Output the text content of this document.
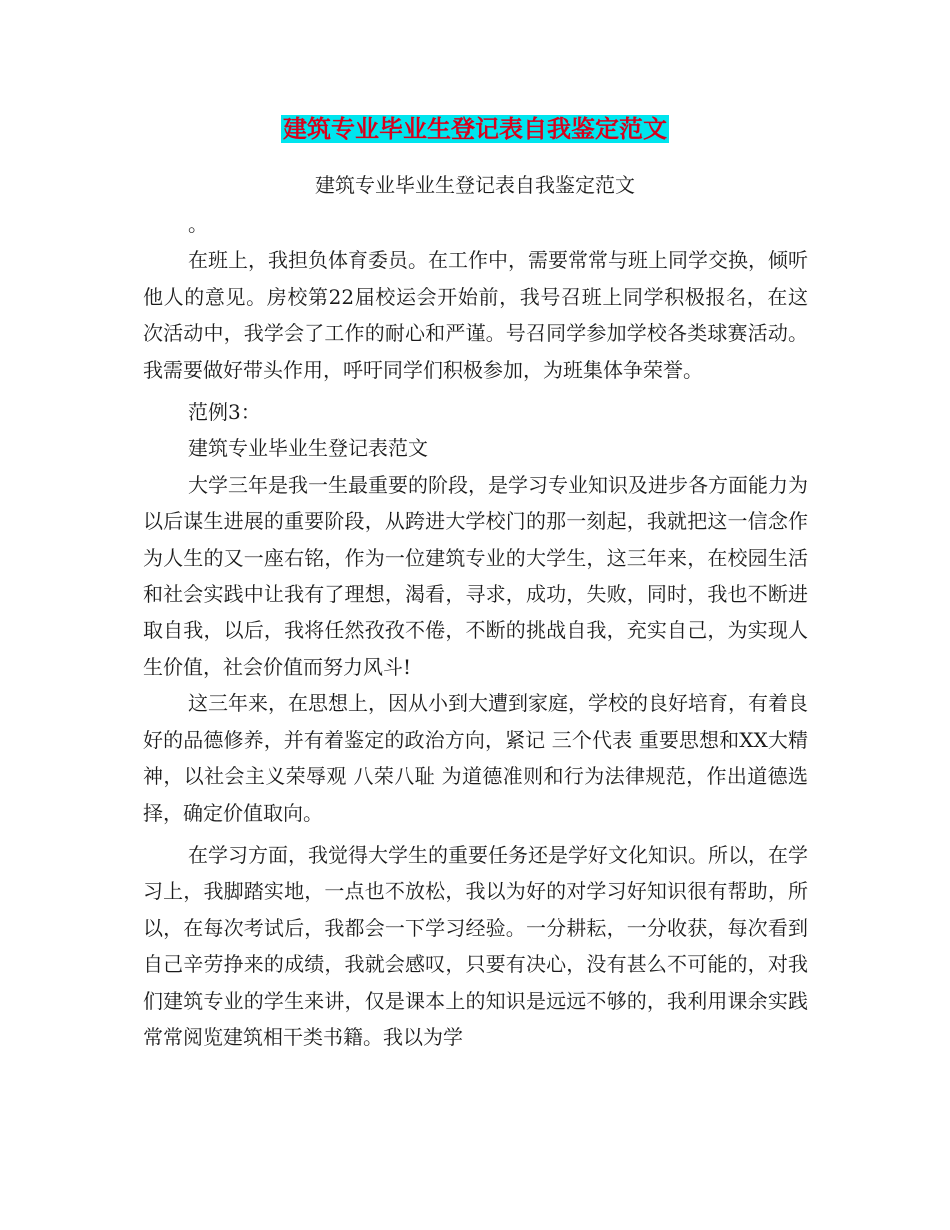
建筑专业毕业生登记表自我鉴定范文

建筑专业毕业生登记表自我鉴定范文

。

在班上，我担负体育委员。在工作中，需要常常与班上同学交换，倾听他人的意见。房校第22届校运会开始前，我号召班上同学积极报名，在这次活动中，我学会了工作的耐心和严谨。号召同学参加学校各类球赛活动。我需要做好带头作用，呼吁同学们积极参加，为班集体争荣誉。

范例3：

建筑专业毕业生登记表范文

大学三年是我一生最重要的阶段，是学习专业知识及进步各方面能力为以后谋生进展的重要阶段，从跨进大学校门的那一刻起，我就把这一信念作为人生的又一座右铭，作为一位建筑专业的大学生，这三年来，在校园生活和社会实践中让我有了理想，渴看，寻求，成功，失败，同时，我也不断进取自我，以后，我将任然孜孜不倦，不断的挑战自我，充实自己，为实现人生价值，社会价值而努力风斗!

这三年来，在思想上，因从小到大遭到家庭，学校的良好培育，有着良好的品德修养，并有着鉴定的政治方向，紧记 三个代表 重要思想和XX大精神，以社会主义荣辱观 八荣八耻 为道德准则和行为法律规范，作出道德选择，确定价值取向。

在学习方面，我觉得大学生的重要任务还是学好文化知识。所以，在学习上，我脚踏实地，一点也不放松，我以为好的对学习好知识很有帮助，所以，在每次考试后，我都会一下学习经验。一分耕耘，一分收获，每次看到自己辛劳挣来的成绩，我就会感叹，只要有决心，没有甚么不可能的，对我们建筑专业的学生来讲，仅是课本上的知识是远远不够的，我利用课余实践常常阅览建筑相干类书籍。我以为学
